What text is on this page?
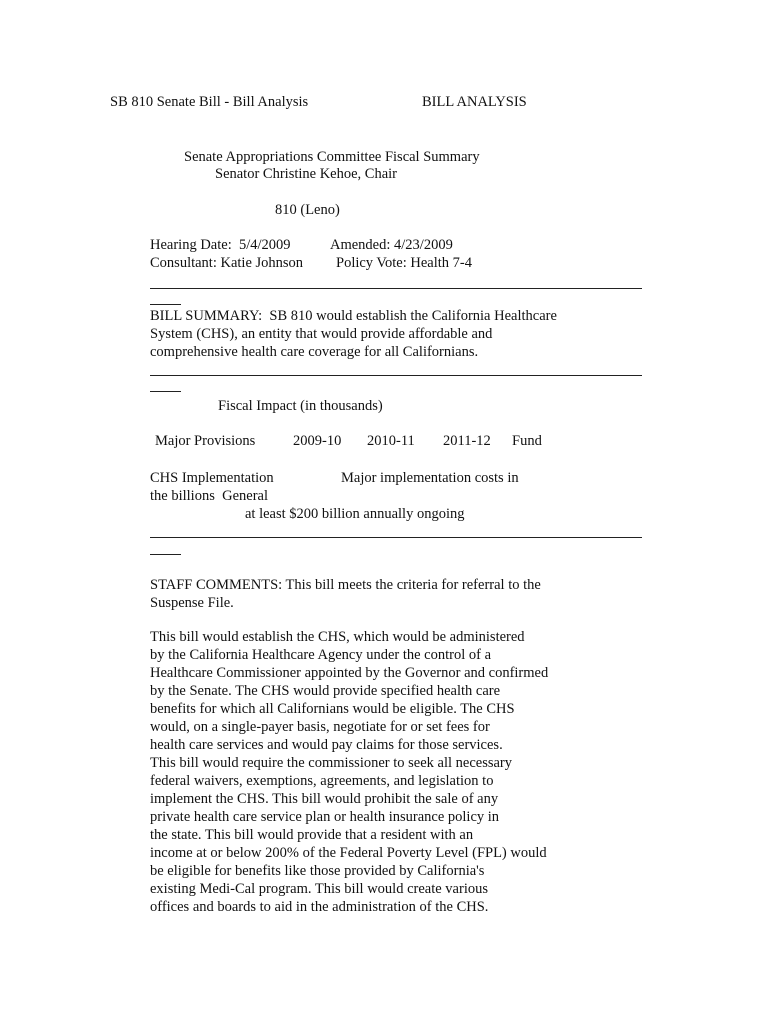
SB 810 Senate Bill - Bill Analysis	BILL ANALYSIS
Senate Appropriations Committee Fiscal Summary
Senator Christine Kehoe, Chair
810 (Leno)
Hearing Date:  5/4/2009	Amended: 4/23/2009
Consultant: Katie Johnson Policy Vote: Health 7-4
BILL SUMMARY:  SB 810 would establish the California Healthcare
System (CHS), an entity that would provide affordable and
comprehensive health care coverage for all Californians.
Fiscal Impact (in thousands)
Major Provisions	2009-10 2010-11 2011-12 Fund
CHS Implementation	Major implementation costs in
the billions  General
at least $200 billion annually ongoing
STAFF COMMENTS: This bill meets the criteria for referral to the
Suspense File.
This bill would establish the CHS, which would be administered
by the California Healthcare Agency under the control of a
Healthcare Commissioner appointed by the Governor and confirmed
by the Senate. The CHS would provide specified health care
benefits for which all Californians would be eligible. The CHS
would, on a single-payer basis, negotiate for or set fees for
health care services and would pay claims for those services.
This bill would require the commissioner to seek all necessary
federal waivers, exemptions, agreements, and legislation to
implement the CHS. This bill would prohibit the sale of any
private health care service plan or health insurance policy in
the state. This bill would provide that a resident with an
income at or below 200% of the Federal Poverty Level (FPL) would
be eligible for benefits like those provided by California's
existing Medi-Cal program. This bill would create various
offices and boards to aid in the administration of the CHS.
